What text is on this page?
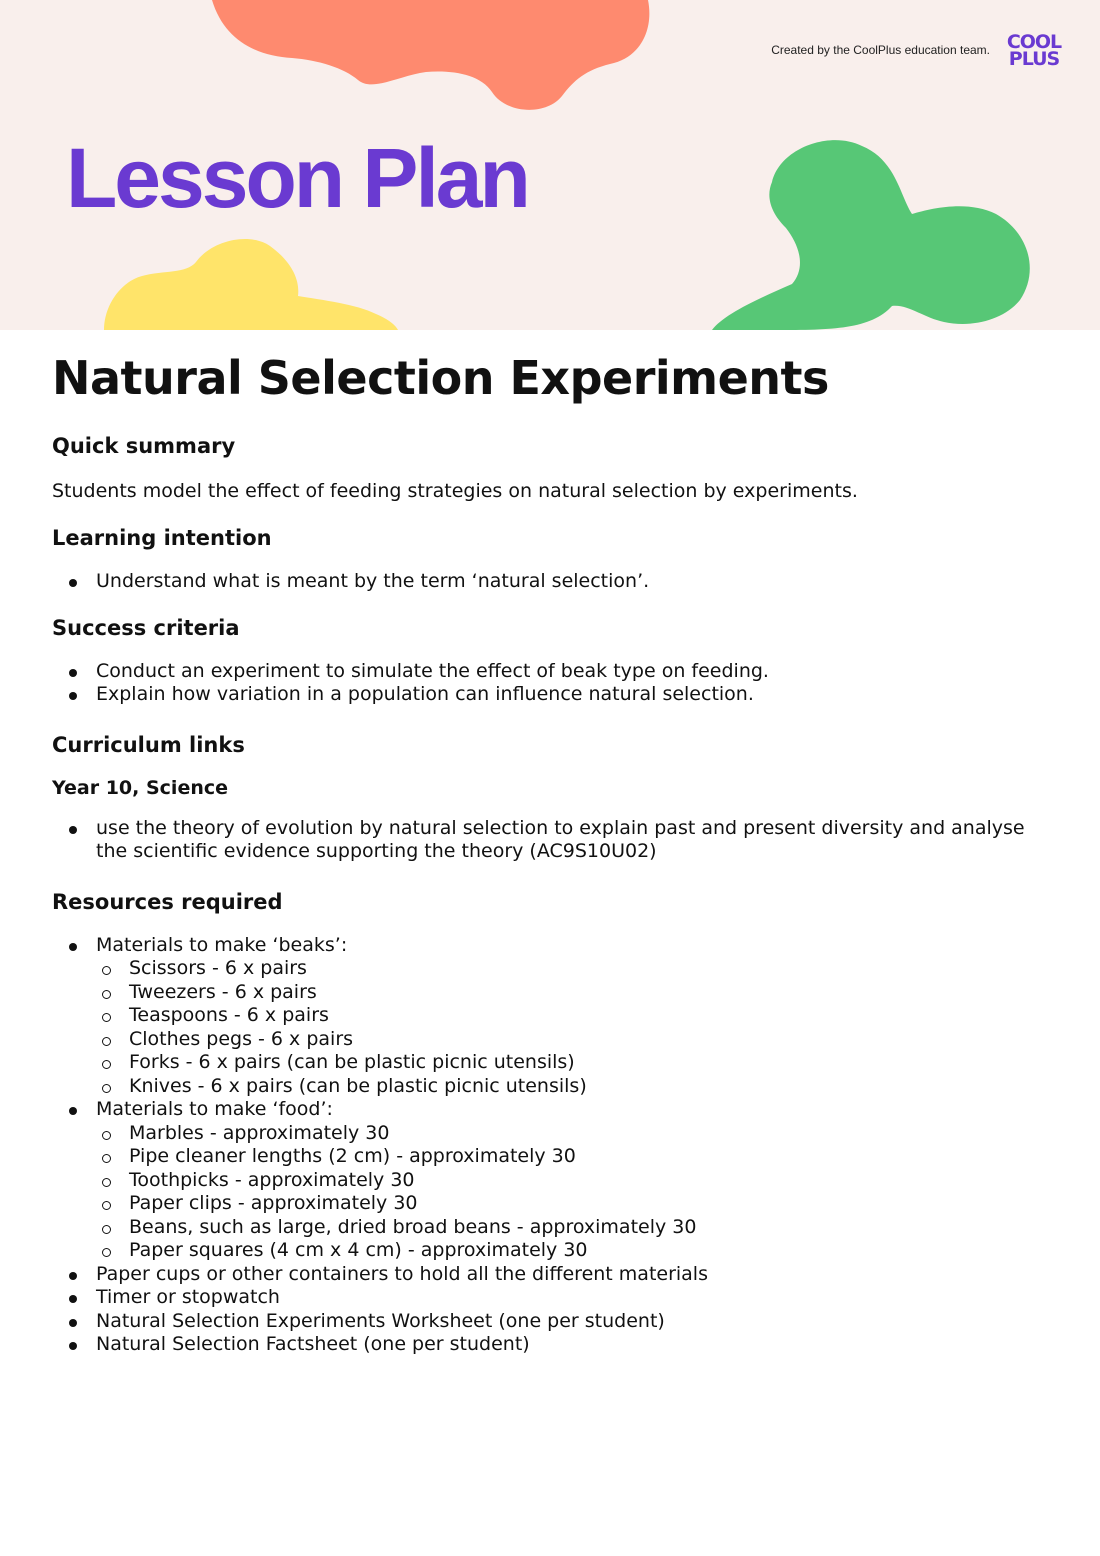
Created by the CoolPlus education team. COOL
PLUS
Lesson Plan
Natural Selection Experiments
Quick summary

Students model the effect of feeding strategies on natural selection by experiments.

Learning intention
Understand what is meant by the term ‘natural selection’.
Success criteria
Conduct an experiment to simulate the effect of beak type on feeding.
Explain how variation in a population can influence natural selection.
Curriculum links
Year 10, Science
use the theory of evolution by natural selection to explain past and present diversity and analyse the scientific evidence supporting the theory (AC9S10U02)
Resources required
Materials to make ‘beaks’:
Scissors - 6 x pairs
Tweezers - 6 x pairs
Teaspoons - 6 x pairs
Clothes pegs - 6 x pairs
Forks - 6 x pairs (can be plastic picnic utensils)
Knives - 6 x pairs (can be plastic picnic utensils)
Materials to make ‘food’:
Marbles - approximately 30
Pipe cleaner lengths (2 cm) - approximately 30
Toothpicks - approximately 30
Paper clips - approximately 30
Beans, such as large, dried broad beans - approximately 30
Paper squares (4 cm x 4 cm) - approximately 30
Paper cups or other containers to hold all the different materials
Timer or stopwatch
Natural Selection Experiments Worksheet (one per student)
Natural Selection Factsheet (one per student)
